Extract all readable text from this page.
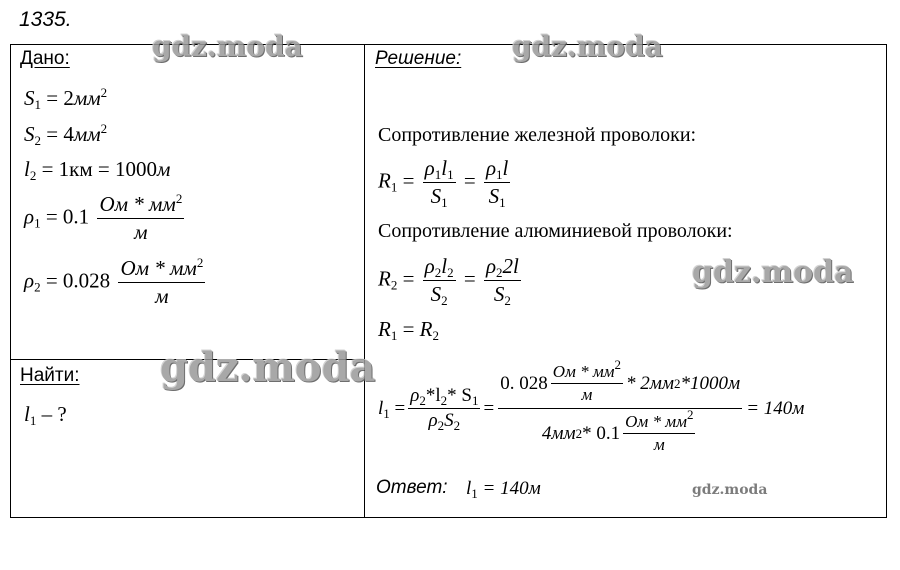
1335.
Дано:
$S_1 = 2мм^2$
$S_2 = 4мм^2$
$l_2 = 1км = 1000м$
$\rho_1 = 0.1 \frac{Ом * мм^2}{м}$
$\rho_2 = 0.028 \frac{Ом * мм^2}{м}$
Найти:
$l_1$ – ?
Решение:
Сопротивление железной проволоки:
$R_1 = \frac{\rho_1l_1}{S_1} = \frac{\rho_1l}{S_1}$
Сопротивление алюминиевой проволоки:
$R_2 = \frac{\rho_2l_2}{S_2} = \frac{\rho_22l}{S_2}$
$R_1 = R_2$
$l_1 = \frac{\rho_2*l_2* S_1}{\rho_2S_2}$ =
0. $028 \frac{Ом * мм^2}{м} * 2мм$ 2 *1000м
4мм $2 * 0.1 \frac{Ом * мм^2}{м}$
= 140м
Ответ: $l_1 = 140м$
gdz.moda	gdz.moda
gdz.moda
gdz.moda
gdz.moda
